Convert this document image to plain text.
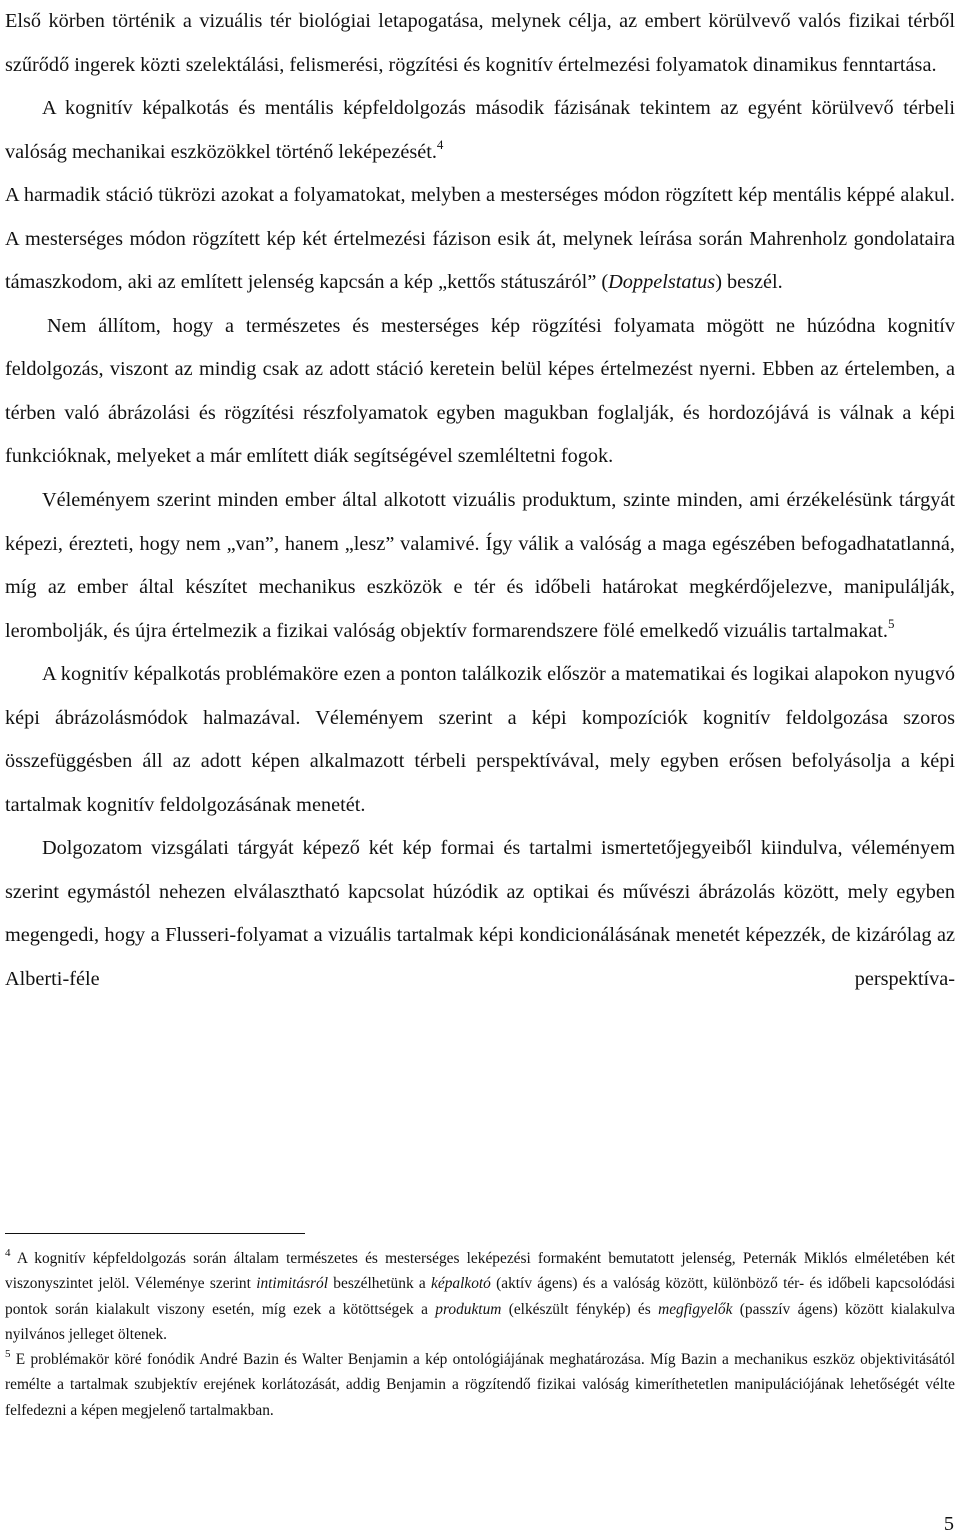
Első körben történik a vizuális tér biológiai letapogatása, melynek célja, az embert körülvevő valós fizikai térből szűrődő ingerek közti szelektálási, felismerési, rögzítési és kognitív értelmezési folyamatok dinamikus fenntartása.

A kognitív képalkotás és mentális képfeldolgozás második fázisának tekintem az egyént körülvevő térbeli valóság mechanikai eszközökkel történő leképezését.$^4$

A harmadik stáció tükrözi azokat a folyamatokat, melyben a mesterséges módon rögzített kép mentális képpé alakul. A mesterséges módon rögzített kép két értelmezési fázison esik át, melynek leírása során Mahrenholz gondolataira támaszkodom, aki az említett jelenség kapcsán a kép „kettős státuszáról” (Doppelstatus) beszél.

Nem állítom, hogy a természetes és mesterséges kép rögzítési folyamata mögött ne húzódna kognitív feldolgozás, viszont az mindig csak az adott stáció keretein belül képes értelmezést nyerni. Ebben az értelemben, a térben való ábrázolási és rögzítési részfolyamatok egyben magukban foglalják, és hordozójává is válnak a képi funkcióknak, melyeket a már említett diák segítségével szemléltetni fogok.

Véleményem szerint minden ember által alkotott vizuális produktum, szinte minden, ami érzékelésünk tárgyát képezi, érezteti, hogy nem „van”, hanem „lesz” valamivé. Így válik a valóság a maga egészében befogadhatatlanná, míg az ember által készítet mechanikus eszközök e tér és időbeli határokat megkérdőjelezve, manipulálják, lerombolják, és újra értelmezik a fizikai valóság objektív formarendszere fölé emelkedő vizuális tartalmakat.$^5$

A kognitív képalkotás problémaköre ezen a ponton találkozik először a matematikai és logikai alapokon nyugvó képi ábrázolásmódok halmazával. Véleményem szerint a képi kompozíciók kognitív feldolgozása szoros összefüggésben áll az adott képen alkalmazott térbeli perspektívával, mely egyben erősen befolyásolja a képi tartalmak kognitív feldolgozásának menetét.

Dolgozatom vizsgálati tárgyát képező két kép formai és tartalmi ismertetőjegyeiből kiindulva, véleményem szerint egymástól nehezen elválasztható kapcsolat húzódik az optikai és művészi ábrázolás között, mely egyben megengedi, hogy a Flusseri-folyamat a vizuális tartalmak képi kondicionálásának menetét képezzék, de kizárólag az Alberti-féle perspektíva-

$^4$ A kognitív képfeldolgozás során általam természetes és mesterséges leképezési formaként bemutatott jelenség, Peternák Miklós elméletében két viszonyszintet jelöl. Véleménye szerint intimitásról beszélhetünk a képalkotó (aktív ágens) és a valóság között, különböző tér- és időbeli kapcsolódási pontok során kialakult viszony esetén, míg ezek a kötöttségek a produktum (elkészült fénykép) és megfigyelők (passzív ágens) között kialakulva nyilvános jelleget öltenek.

$^5$ E problémakör köré fonódik André Bazin és Walter Benjamin a kép ontológiájának meghatározása. Míg Bazin a mechanikus eszköz objektivitásától remélte a tartalmak szubjektív erejének korlátozását, addig Benjamin a rögzítendő fizikai valóság kimeríthetetlen manipulációjának lehetőségét vélte felfedezni a képen megjelenő tartalmakban.

5
